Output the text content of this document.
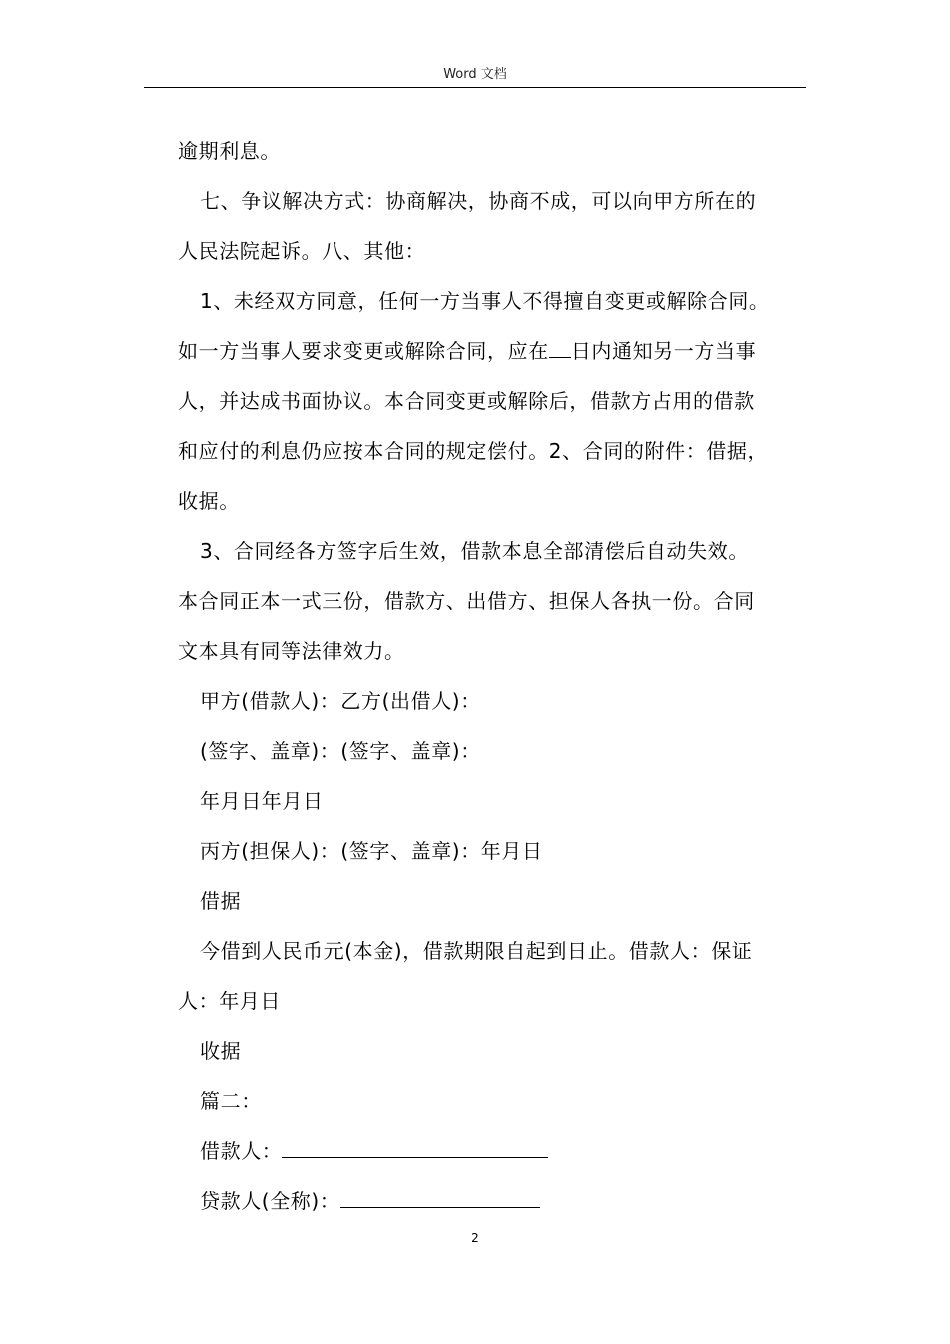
Word 文档

逾期利息。

七、争议解决方式：协商解决，协商不成，可以向甲方所在的

人民法院起诉。八、其他：

1、未经双方同意，任何一方当事人不得擅自变更或解除合同。

如一方当事人要求变更或解除合同，应在 日内通知另一方当事

人，并达成书面协议。本合同变更或解除后，借款方占用的借款

和应付的利息仍应按本合同的规定偿付。2、合同的附件：借据，

收据。

3、合同经各方签字后生效，借款本息全部清偿后自动失效。

本合同正本一式三份，借款方、出借方、担保人各执一份。合同

文本具有同等法律效力。

甲方(借款人)：乙方(出借人)：

(签字、盖章)：(签字、盖章)：

年月日年月日

丙方(担保人)：(签字、盖章)：年月日

借据

今借到人民币元(本金)，借款期限自起到日止。借款人：保证

人：年月日

收据

篇二：

借款人：

贷款人(全称)：

2
